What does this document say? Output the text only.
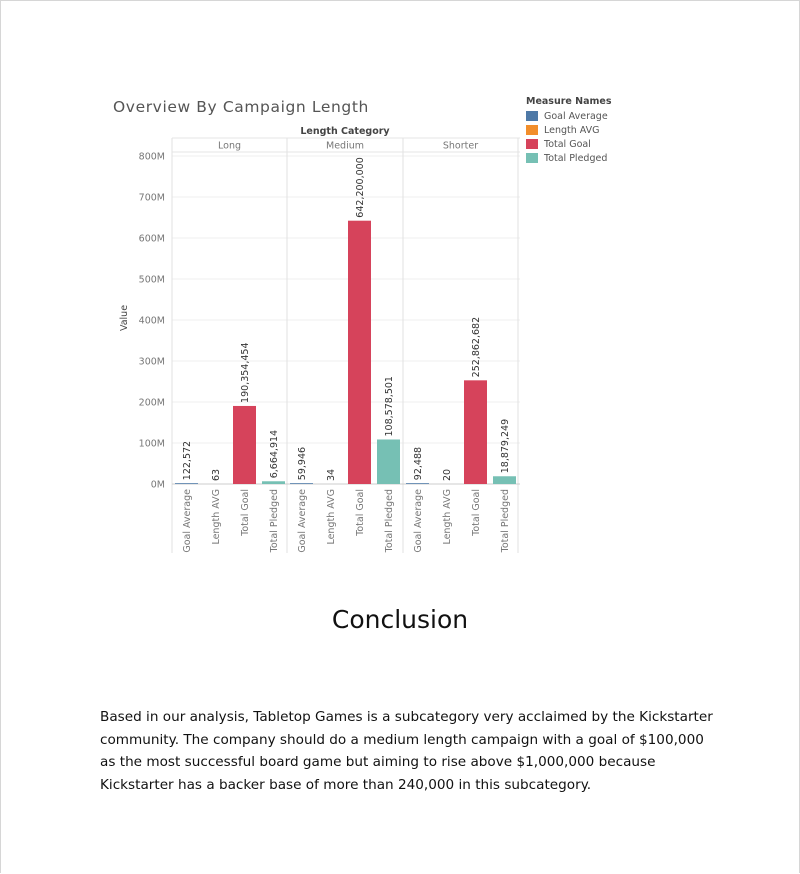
Length Category
0M
100M
200M
300M
400M
500M
600M
700M
800M
Value
Long
122,572
Goal Average
63
Length AVG
190,354,454
Total Goal
6,664,914
Total Pledged
Medium
59,946
Goal Average
34
Length AVG
642,200,000
Total Goal
108,578,501
Total Pledged
Shorter
92,488
Goal Average
20
Length AVG
252,862,682
Total Goal
18,879,249
Total Pledged
Overview By Campaign Length	Measure Names
Goal Average
Length AVG
Total Goal
Total Pledged
Conclusion
Based in our analysis, Tabletop Games is a subcategory very acclaimed by the Kickstarter community. The company should do a medium length campaign with a goal of $100,000 as the most successful board game but aiming to rise above $1,000,000 because Kickstarter has a backer base of more than 240,000 in this subcategory.
